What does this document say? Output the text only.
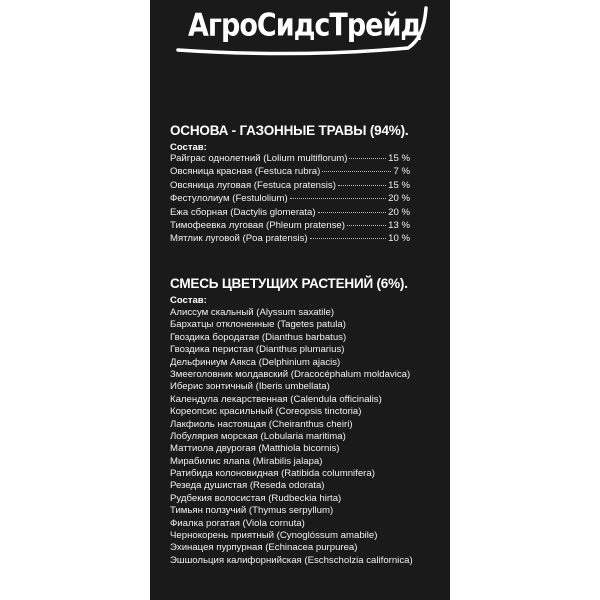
АгроСидсТрейд
ОСНОВА - ГАЗОННЫЕ ТРАВЫ (94%).
Состав:
Райграс однолетний (Lolium multiflorum)	15 %
Овсяница красная (Festuca rubra)	7 %
Овсяница луговая (Festuca pratensis)	15 %
Фестулолиум (Festulolium)	20 %
Ежа сборная (Dactylis glomerata)	20 %
Тимофеевка луговая (Phleum pratense)	13 %
Мятлик луговой (Poa pratensis)	10 %
СМЕСЬ ЦВЕТУЩИХ РАСТЕНИЙ (6%).
Состав:
Алиссум скальный (Alyssum saxatile)
Бархатцы отклоненные (Tagetes patula)
Гвоздика бородатая (Dianthus barbatus)
Гвоздика перистая (Dianthus plumarius)
Дельфиниум Аякса (Delphinium ajacis)
Змееголовник молдавский (Dracocéphalum moldavica)
Иберис зонтичный (Iberis umbellata)
Календула лекарственная (Calendula officinalis)
Кореопсис красильный (Coreopsis tinctoria)
Лакфиоль настоящая (Cheiranthus cheiri)
Лобулярия морская (Lobularia maritima)
Маттиола двурогая (Matthiola bicornis)
Мирабилис ялапа (Mirabilis jalapa)
Ратибида колоновидная (Ratibida columnifera)
Резеда душистая (Reseda odorata)
Рудбекия волосистая (Rudbeckia hirta)
Тимьян ползучий (Thymus serpyllum)
Фиалка рогатая (Viola cornuta)
Чернокорень приятный (Cynoglóssum amabile)
Эхинацея пурпурная (Echinacea purpurea)
Эшшольция калифорнийская (Eschscholzia californica)
